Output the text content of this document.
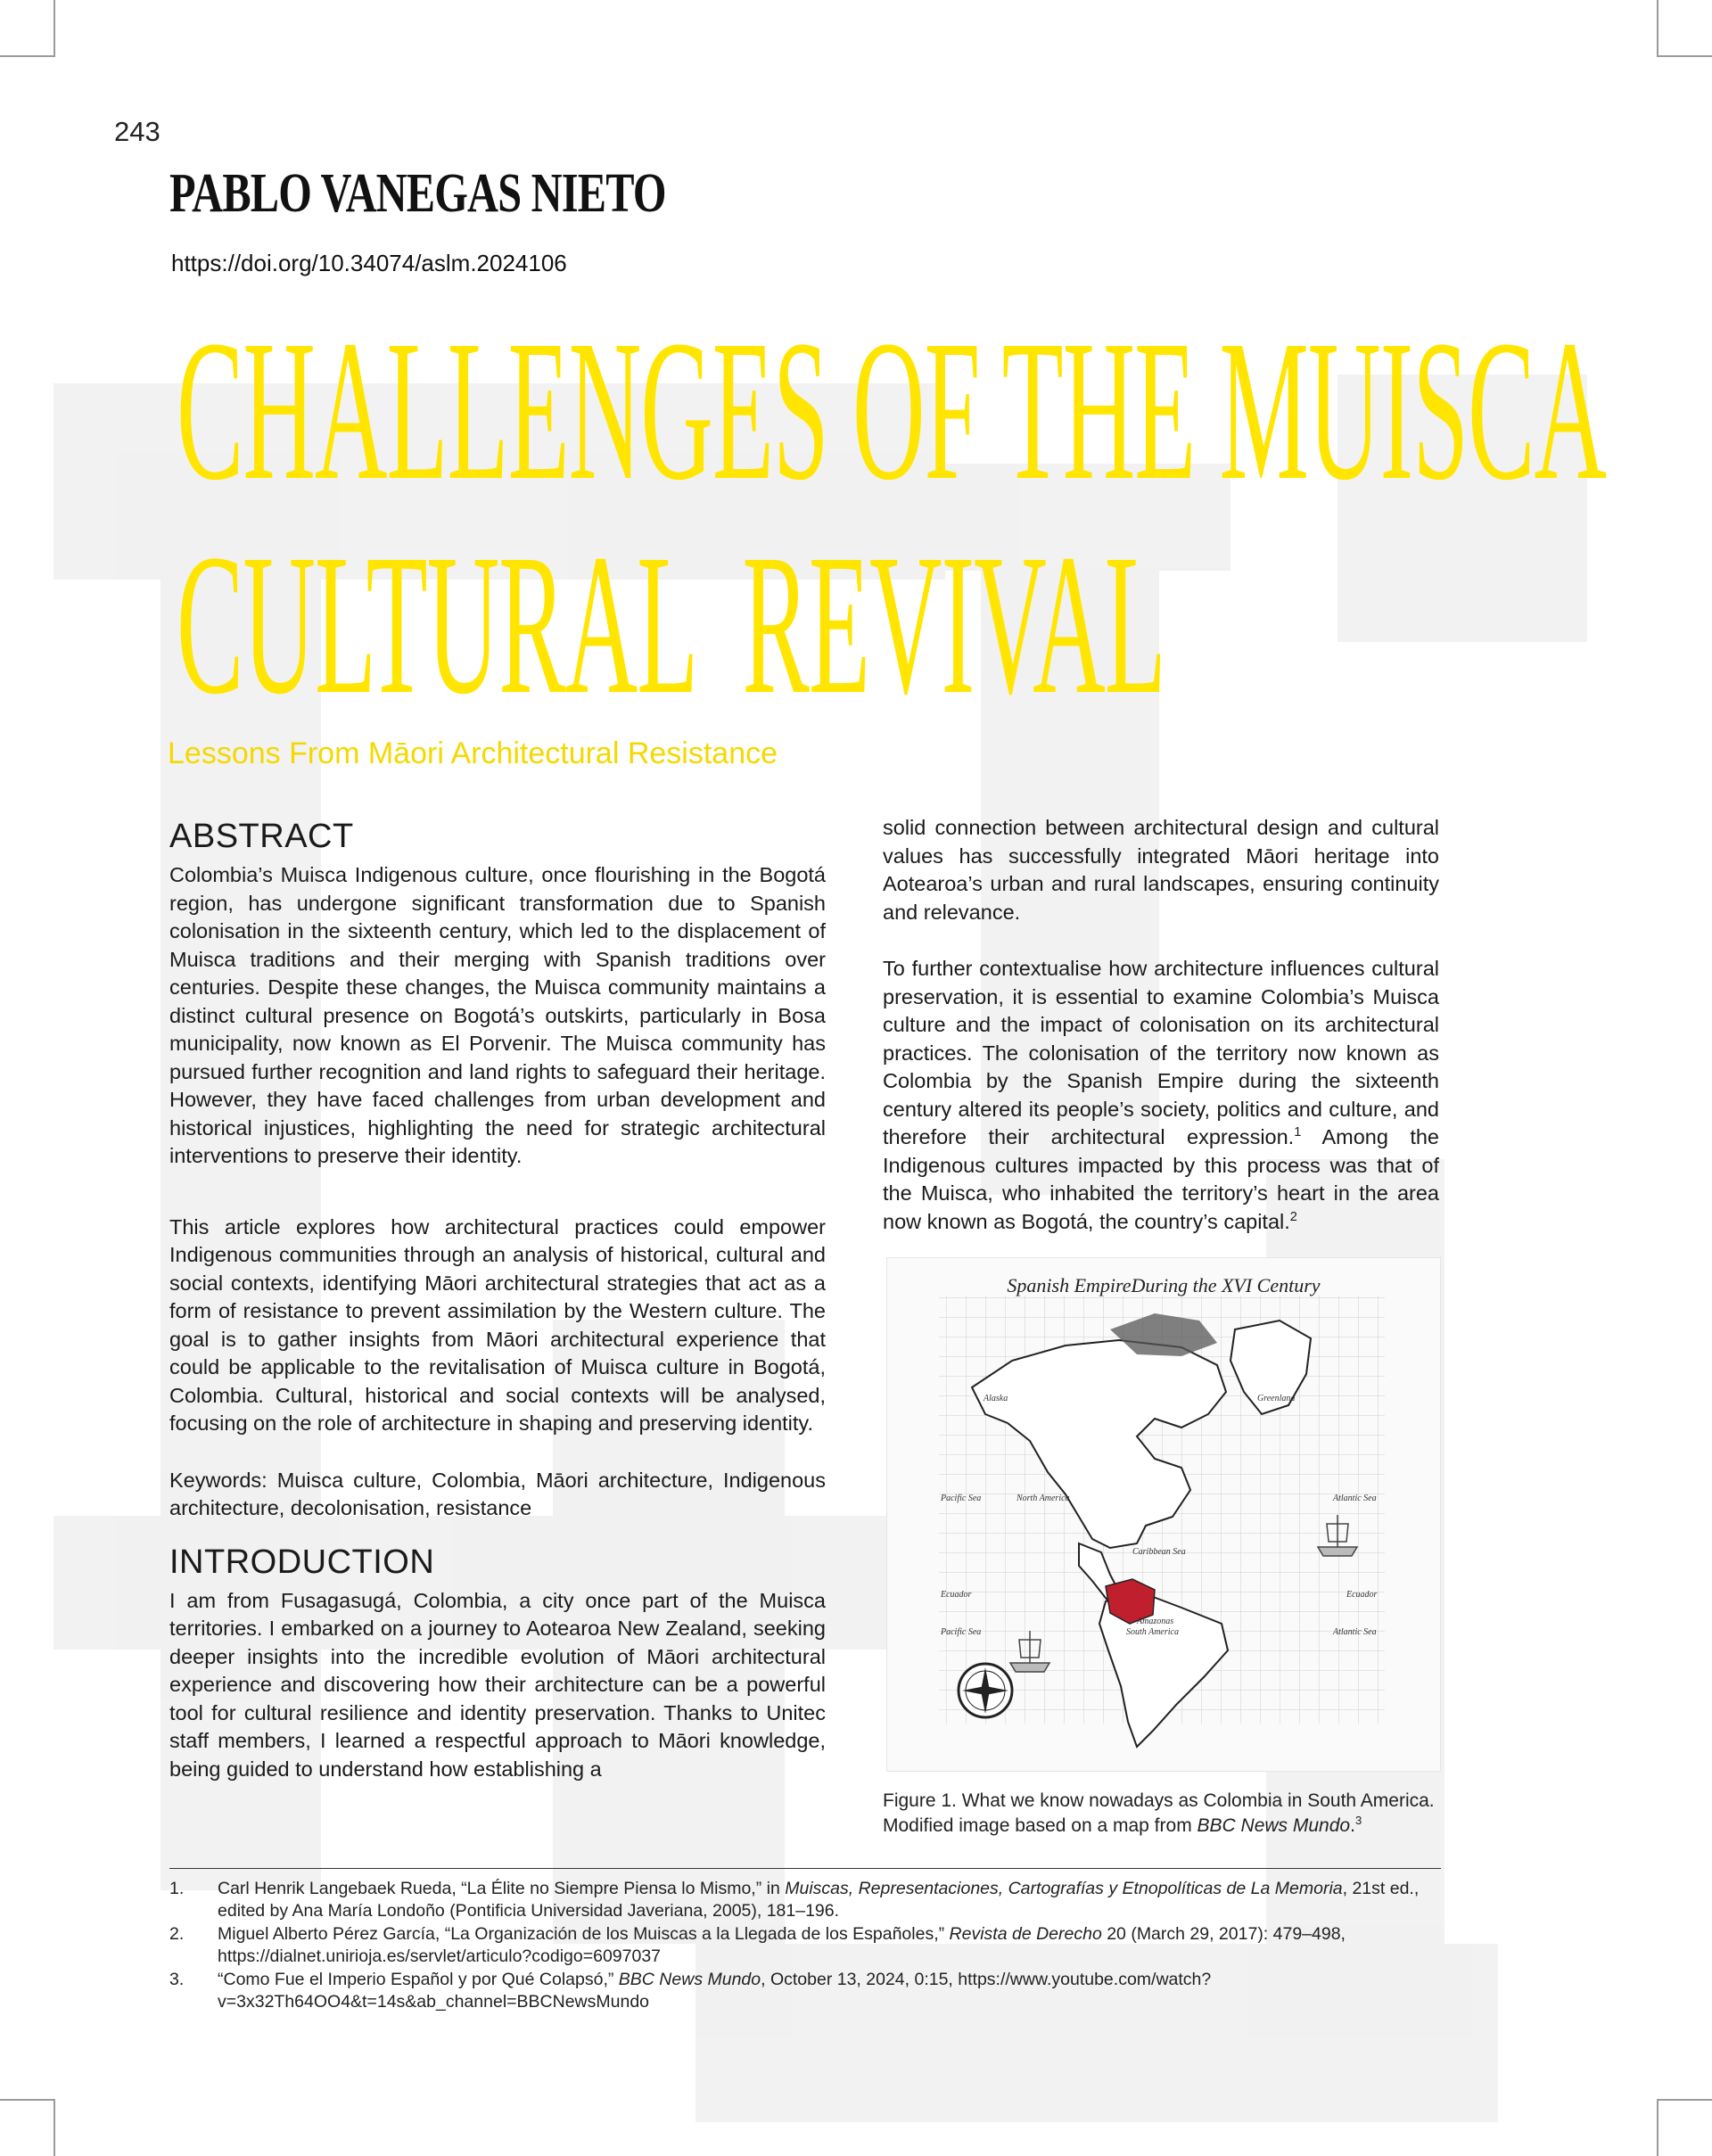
243
PABLO VANEGAS NIETO
https://doi.org/10.34074/aslm.2024106
CHALLENGES OF THE MUISCA
CULTURAL  REVIVAL
Lessons From Māori Architectural Resistance
ABSTRACT

Colombia’s Muisca Indigenous culture, once flourishing in the Bogotá region, has undergone significant transformation due to Spanish colonisation in the sixteenth century, which led to the displacement of Muisca traditions and their merging with Spanish traditions over centuries. Despite these changes, the Muisca community maintains a distinct cultural presence on Bogotá’s outskirts, particularly in Bosa municipality, now known as El Porvenir. The Muisca community has pursued further recognition and land rights to safeguard their heritage. However, they have faced challenges from urban development and historical injustices, highlighting the need for strategic architectural interventions to preserve their identity.

This article explores how architectural practices could empower Indigenous communities through an analysis of historical, cultural and social contexts, identifying Māori architectural strategies that act as a form of resistance to prevent assimilation by the Western culture. The goal is to gather insights from Māori architectural experience that could be applicable to the revitalisation of Muisca culture in Bogotá, Colombia. Cultural, historical and social contexts will be analysed, focusing on the role of architecture in shaping and preserving identity.

Keywords: Muisca culture, Colombia, Māori architecture, Indigenous architecture, decolonisation, resistance

INTRODUCTION

I am from Fusagasugá, Colombia, a city once part of the Muisca territories. I embarked on a journey to Aotearoa New Zealand, seeking deeper insights into the incredible evolution of Māori architectural experience and discovering how their architecture can be a powerful tool for cultural resilience and identity preservation. Thanks to Unitec staff members, I learned a respectful approach to Māori knowledge, being guided to understand how establishing a

solid connection between architectural design and cultural values has successfully integrated Māori heritage into Aotearoa’s urban and rural landscapes, ensuring continuity and relevance.

To further contextualise how architecture influences cultural preservation, it is essential to examine Colombia’s Muisca culture and the impact of colonisation on its architectural practices. The colonisation of the territory now known as Colombia by the Spanish Empire during the sixteenth century altered its people’s society, politics and culture, and therefore their architectural expression.$^1$ Among the Indigenous cultures impacted by this process was that of the Muisca, who inhabited the territory’s heart in the area now known as Bogotá, the country’s capital.$^2$

Spanish EmpireDuring the XVI Century
Alaska	Greenland
North America
Pacific Sea	Atlantic Sea
Caribbean Sea
Ecuador	Ecuador
Pacific Sea	Atlantic Sea
Amazonas
South America
Figure 1. What we know nowadays as Colombia in South America.
Modified image based on a map from BBC News Mundo.$^3$
1.	Carl Henrik Langebaek Rueda, “La Élite no Siempre Piensa lo Mismo,” in Muiscas, Representaciones, Cartografías y Etnopolíticas de La Memoria, 21st ed., edited by Ana María Londoño (Pontificia Universidad Javeriana, 2005), 181–196.
2.	Miguel Alberto Pérez García, “La Organización de los Muiscas a la Llegada de los Españoles,” Revista de Derecho 20 (March 29, 2017): 479–498, https://dialnet.unirioja.es/servlet/articulo?codigo=6097037
3.	“Como Fue el Imperio Español y por Qué Colapsó,” BBC News Mundo, October 13, 2024, 0:15, https://www.youtube.com/watch?v=3x32Th64OO4&t=14s&ab_channel=BBCNewsMundo
